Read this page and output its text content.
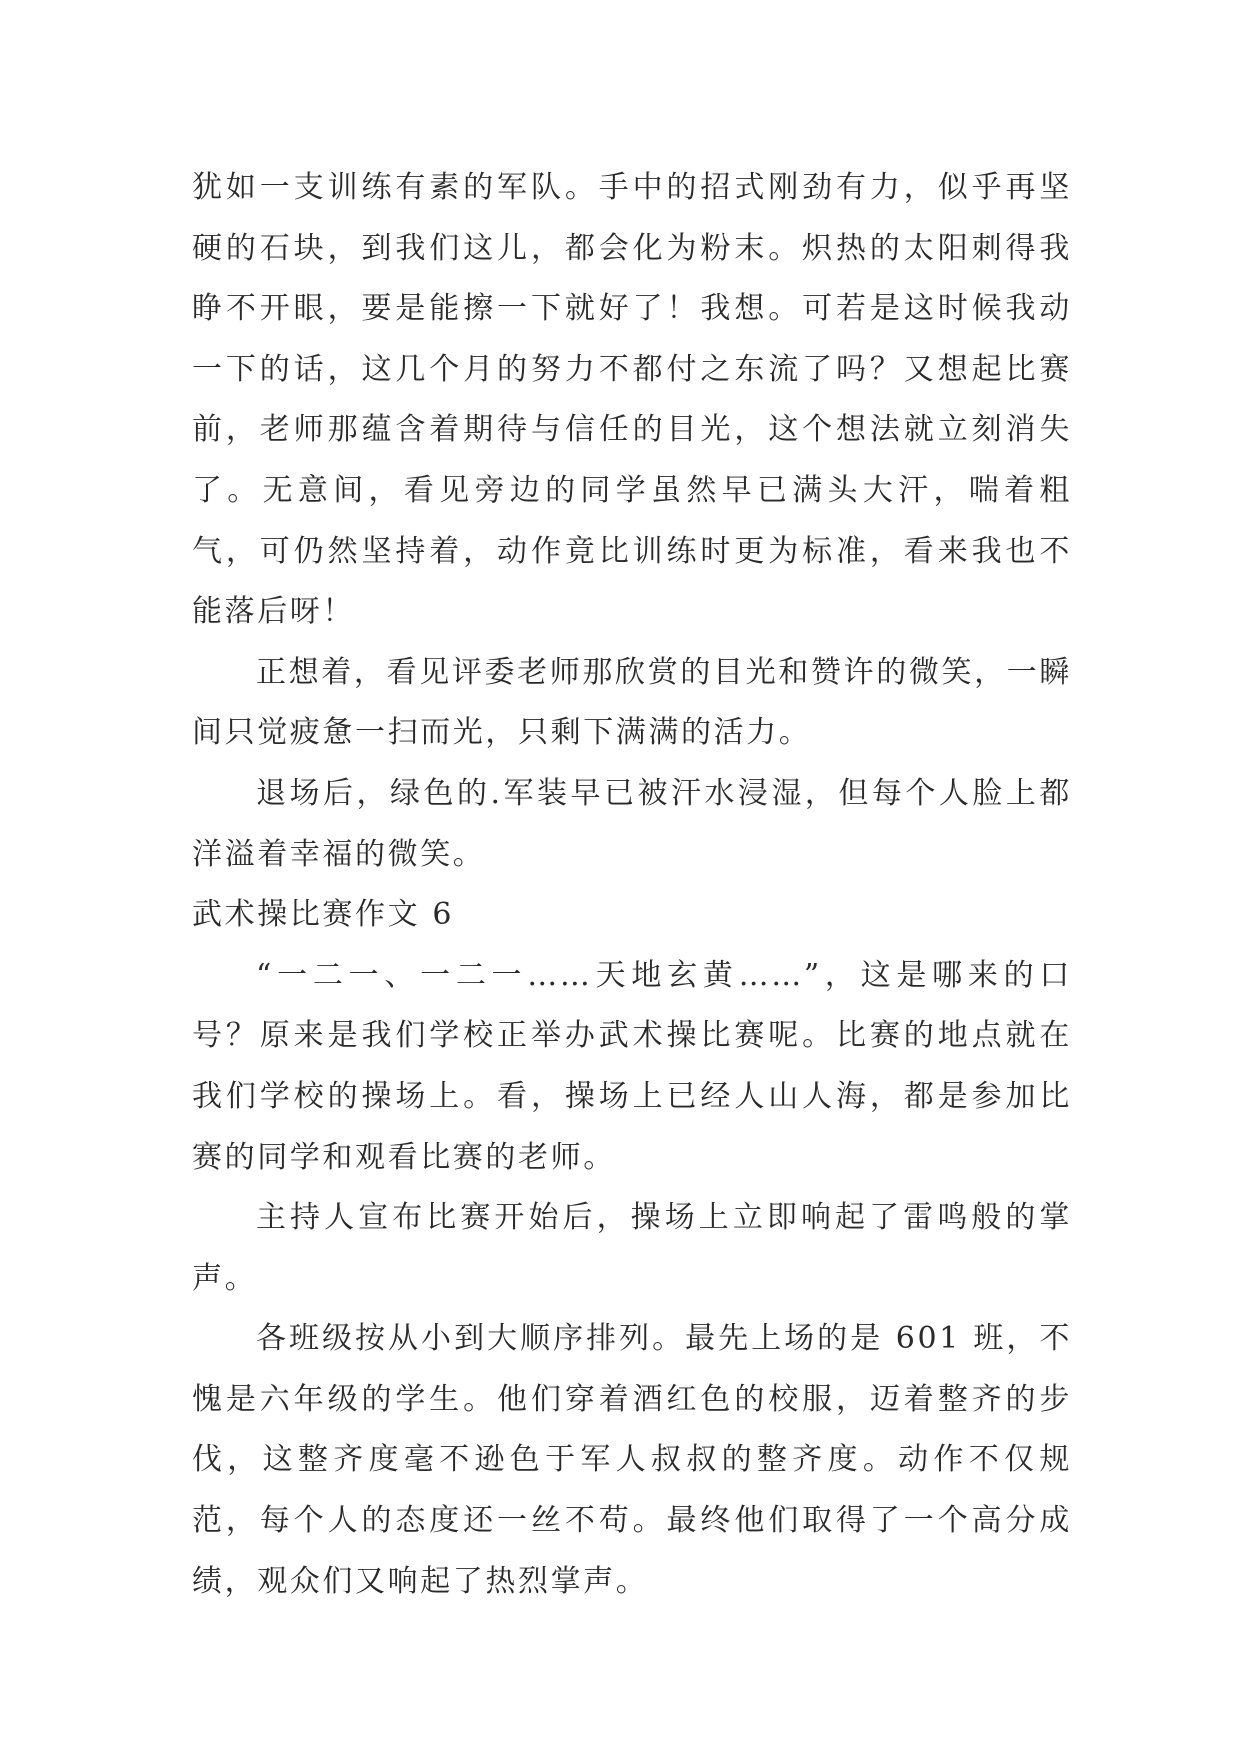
犹如一支训练有素的军队。手中的招式刚劲有力，似乎再坚硬的石块，到我们这儿，都会化为粉末。炽热的太阳刺得我睁不开眼，要是能擦一下就好了！我想。可若是这时候我动一下的话，这几个月的努力不都付之东流了吗？又想起比赛前，老师那蕴含着期待与信任的目光，这个想法就立刻消失了。无意间，看见旁边的同学虽然早已满头大汗，喘着粗气，可仍然坚持着，动作竟比训练时更为标准，看来我也不能落后呀！

正想着，看见评委老师那欣赏的目光和赞许的微笑，一瞬间只觉疲惫一扫而光，只剩下满满的活力。

退场后，绿色的.军装早已被汗水浸湿，但每个人脸上都洋溢着幸福的微笑。

武术操比赛作文 6

“一二一、一二一……天地玄黄……”，这是哪来的口号？原来是我们学校正举办武术操比赛呢。比赛的地点就在我们学校的操场上。看，操场上已经人山人海，都是参加比赛的同学和观看比赛的老师。

主持人宣布比赛开始后，操场上立即响起了雷鸣般的掌声。

各班级按从小到大顺序排列。最先上场的是 601 班，不愧是六年级的学生。他们穿着酒红色的校服，迈着整齐的步伐，这整齐度毫不逊色于军人叔叔的整齐度。动作不仅规范，每个人的态度还一丝不苟。最终他们取得了一个高分成绩，观众们又响起了热烈掌声。
